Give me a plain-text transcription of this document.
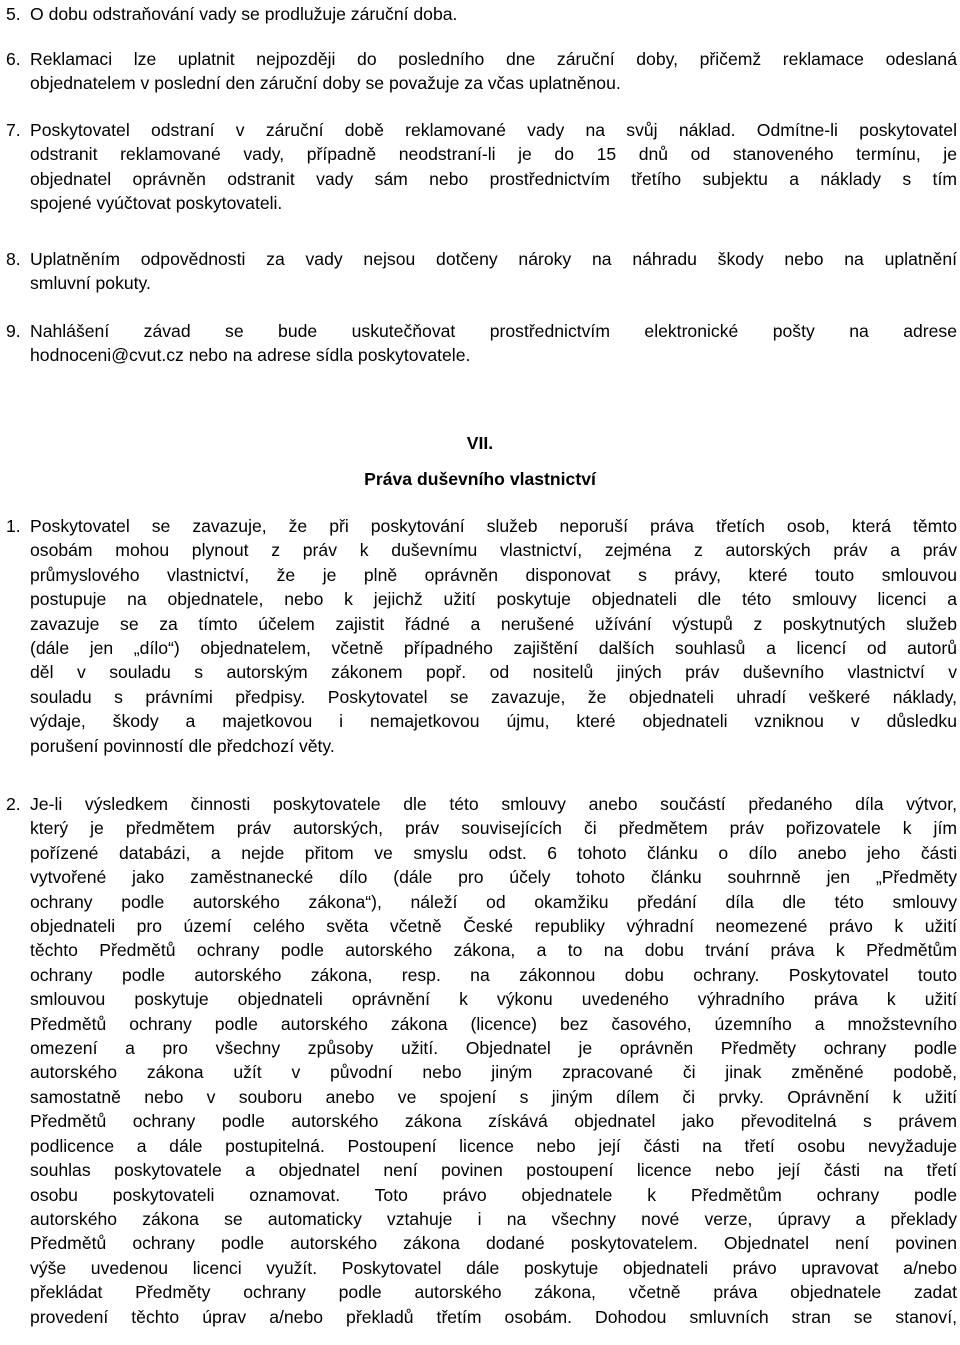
5. O dobu odstraňování vady se prodlužuje záruční doba.
6. Reklamaci lze uplatnit nejpozději do posledního dne záruční doby, přičemž reklamace odeslaná
objednatelem v poslední den záruční doby se považuje za včas uplatněnou.
7. Poskytovatel odstraní v záruční době reklamované vady na svůj náklad. Odmítne-li poskytovatel
odstranit reklamované vady, případně neodstraní-li je do 15 dnů od stanoveného termínu, je
objednatel oprávněn odstranit vady sám nebo prostřednictvím třetího subjektu a náklady s tím
spojené vyúčtovat poskytovateli.
8. Uplatněním odpovědnosti za vady nejsou dotčeny nároky na náhradu škody nebo na uplatnění
smluvní pokuty.
9. Nahlášení závad se bude uskutečňovat prostřednictvím elektronické pošty na adrese
hodnoceni@cvut.cz nebo na adrese sídla poskytovatele.
VII.
Práva duševního vlastnictví
1. Poskytovatel se zavazuje, že při poskytování služeb neporuší práva třetích osob, která těmto
osobám mohou plynout z práv k duševnímu vlastnictví, zejména z autorských práv a práv
průmyslového vlastnictví, že je plně oprávněn disponovat s právy, které touto smlouvou
postupuje na objednatele, nebo k jejichž užití poskytuje objednateli dle této smlouvy licenci a
zavazuje se za tímto účelem zajistit řádné a nerušené užívání výstupů z poskytnutých služeb
(dále jen „dílo“) objednatelem, včetně případného zajištění dalších souhlasů a licencí od autorů
děl v souladu s autorským zákonem popř. od nositelů jiných práv duševního vlastnictví v
souladu s právními předpisy. Poskytovatel se zavazuje, že objednateli uhradí veškeré náklady,
výdaje, škody a majetkovou i nemajetkovou újmu, které objednateli vzniknou v důsledku
porušení povinností dle předchozí věty.
2. Je-li výsledkem činnosti poskytovatele dle této smlouvy anebo součástí předaného díla výtvor,
který je předmětem práv autorských, práv souvisejících či předmětem práv pořizovatele k jím
pořízené databázi, a nejde přitom ve smyslu odst. 6 tohoto článku o dílo anebo jeho části
vytvořené jako zaměstnanecké dílo (dále pro účely tohoto článku souhrnně jen „Předměty
ochrany podle autorského zákona“), náleží od okamžiku předání díla dle této smlouvy
objednateli pro území celého světa včetně České republiky výhradní neomezené právo k užití
těchto Předmětů ochrany podle autorského zákona, a to na dobu trvání práva k Předmětům
ochrany podle autorského zákona, resp. na zákonnou dobu ochrany. Poskytovatel touto
smlouvou poskytuje objednateli oprávnění k výkonu uvedeného výhradního práva k užití
Předmětů ochrany podle autorského zákona (licence) bez časového, územního a množstevního
omezení a pro všechny způsoby užití. Objednatel je oprávněn Předměty ochrany podle
autorského zákona užít v původní nebo jiným zpracované či jinak změněné podobě,
samostatně nebo v souboru anebo ve spojení s jiným dílem či prvky. Oprávnění k užití
Předmětů ochrany podle autorského zákona získává objednatel jako převoditelná s právem
podlicence a dále postupitelná. Postoupení licence nebo její části na třetí osobu nevyžaduje
souhlas poskytovatele a objednatel není povinen postoupení licence nebo její části na třetí
osobu poskytovateli oznamovat. Toto právo objednatele k Předmětům ochrany podle
autorského zákona se automaticky vztahuje i na všechny nové verze, úpravy a překlady
Předmětů ochrany podle autorského zákona dodané poskytovatelem. Objednatel není povinen
výše uvedenou licenci využít. Poskytovatel dále poskytuje objednateli právo upravovat a/nebo
překládat Předměty ochrany podle autorského zákona, včetně práva objednatele zadat
provedení těchto úprav a/nebo překladů třetím osobám. Dohodou smluvních stran se stanoví,
